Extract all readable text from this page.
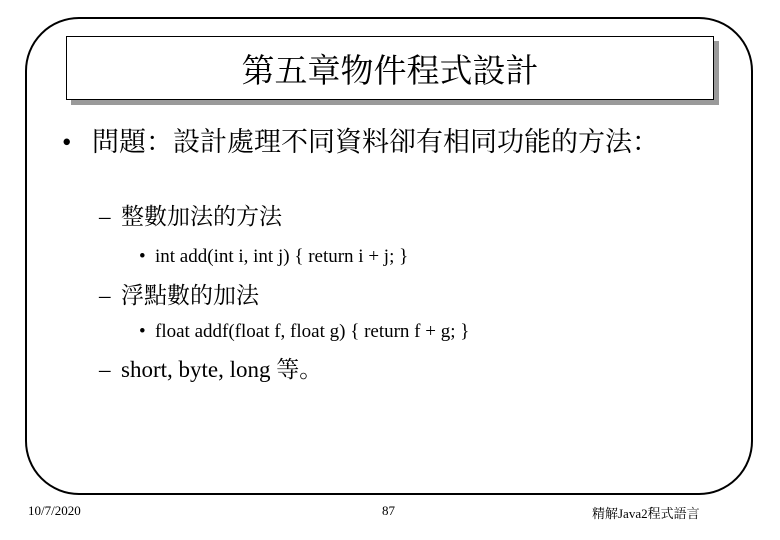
第五章物件程式設計
• 問題：設計處理不同資料卻有相同功能的方法：
– 整數加法的方法
• int add(int i, int j) { return i + j; }
– 浮點數的加法
• float addf(float f, float g) { return f + g; }
– short, byte, long 等。
10/7/2020	87	精解Java2程式語言
